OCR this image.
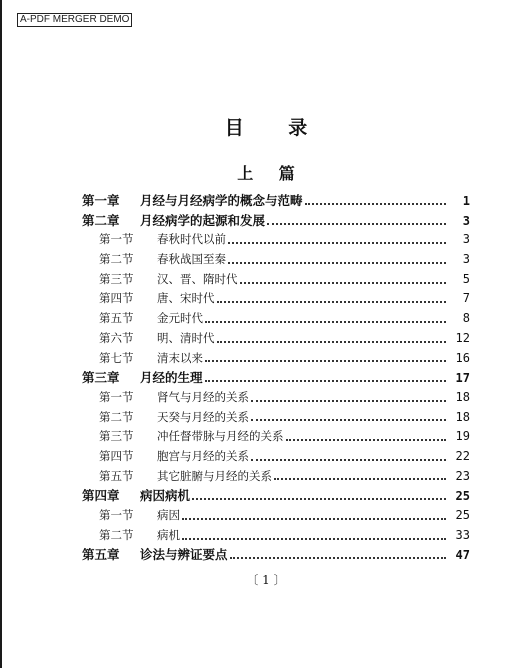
A-PDF MERGER DEMO
目 录
上 篇
第一章 月经与月经病学的概念与范畴	1
第二章 月经病学的起源和发展	3
第一节 春秋时代以前	3
第二节 春秋战国至秦	3
第三节 汉、晋、隋时代	5
第四节 唐、宋时代	7
第五节 金元时代	8
第六节 明、清时代	12
第七节 清末以来	16
第三章 月经的生理	17
第一节 肾气与月经的关系	18
第二节 天癸与月经的关系	18
第三节 冲任督带脉与月经的关系	19
第四节 胞宫与月经的关系	22
第五节 其它脏腑与月经的关系	23
第四章 病因病机	25
第一节 病因	25
第二节 病机	33
第五章 诊法与辨证要点	47
〔 1 〕
